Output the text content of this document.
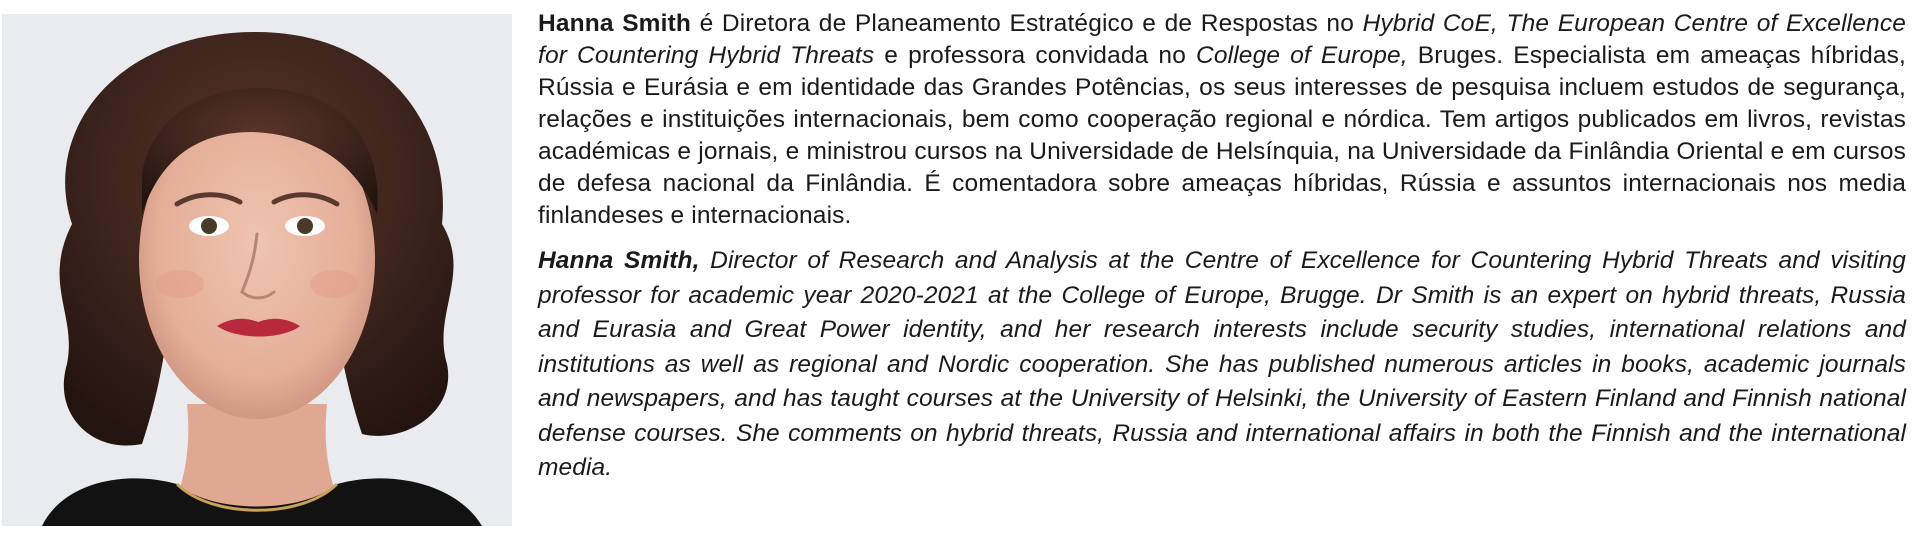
Hanna Smith é Diretora de Planeamento Estratégico e de Respostas no Hybrid CoE, The European Centre of Excellence for Countering Hybrid Threats e professora convidada no College of Europe, Bruges. Especialista em ameaças híbridas, Rússia e Eurásia e em identidade das Grandes Potências, os seus interesses de pesquisa incluem estudos de segurança, relações e instituições internacionais, bem como cooperação regional e nórdica. Tem artigos publicados em livros, revistas académicas e jornais, e ministrou cursos na Universidade de Helsínquia, na Universidade da Finlândia Oriental e em cursos de defesa nacional da Finlândia. É comentadora sobre ameaças híbridas, Rússia e assuntos internacionais nos media finlandeses e internacionais.

Hanna Smith, Director of Research and Analysis at the Centre of Excellence for Countering Hybrid Threats and visiting professor for academic year 2020-2021 at the College of Europe, Brugge. Dr Smith is an expert on hybrid threats, Russia and Eurasia and Great Power identity, and her research interests include security studies, international relations and institutions as well as regional and Nordic cooperation. She has published numerous articles in books, academic journals and newspapers, and has taught courses at the University of Helsinki, the University of Eastern Finland and Finnish national defense courses. She comments on hybrid threats, Russia and international affairs in both the Finnish and the international media.
